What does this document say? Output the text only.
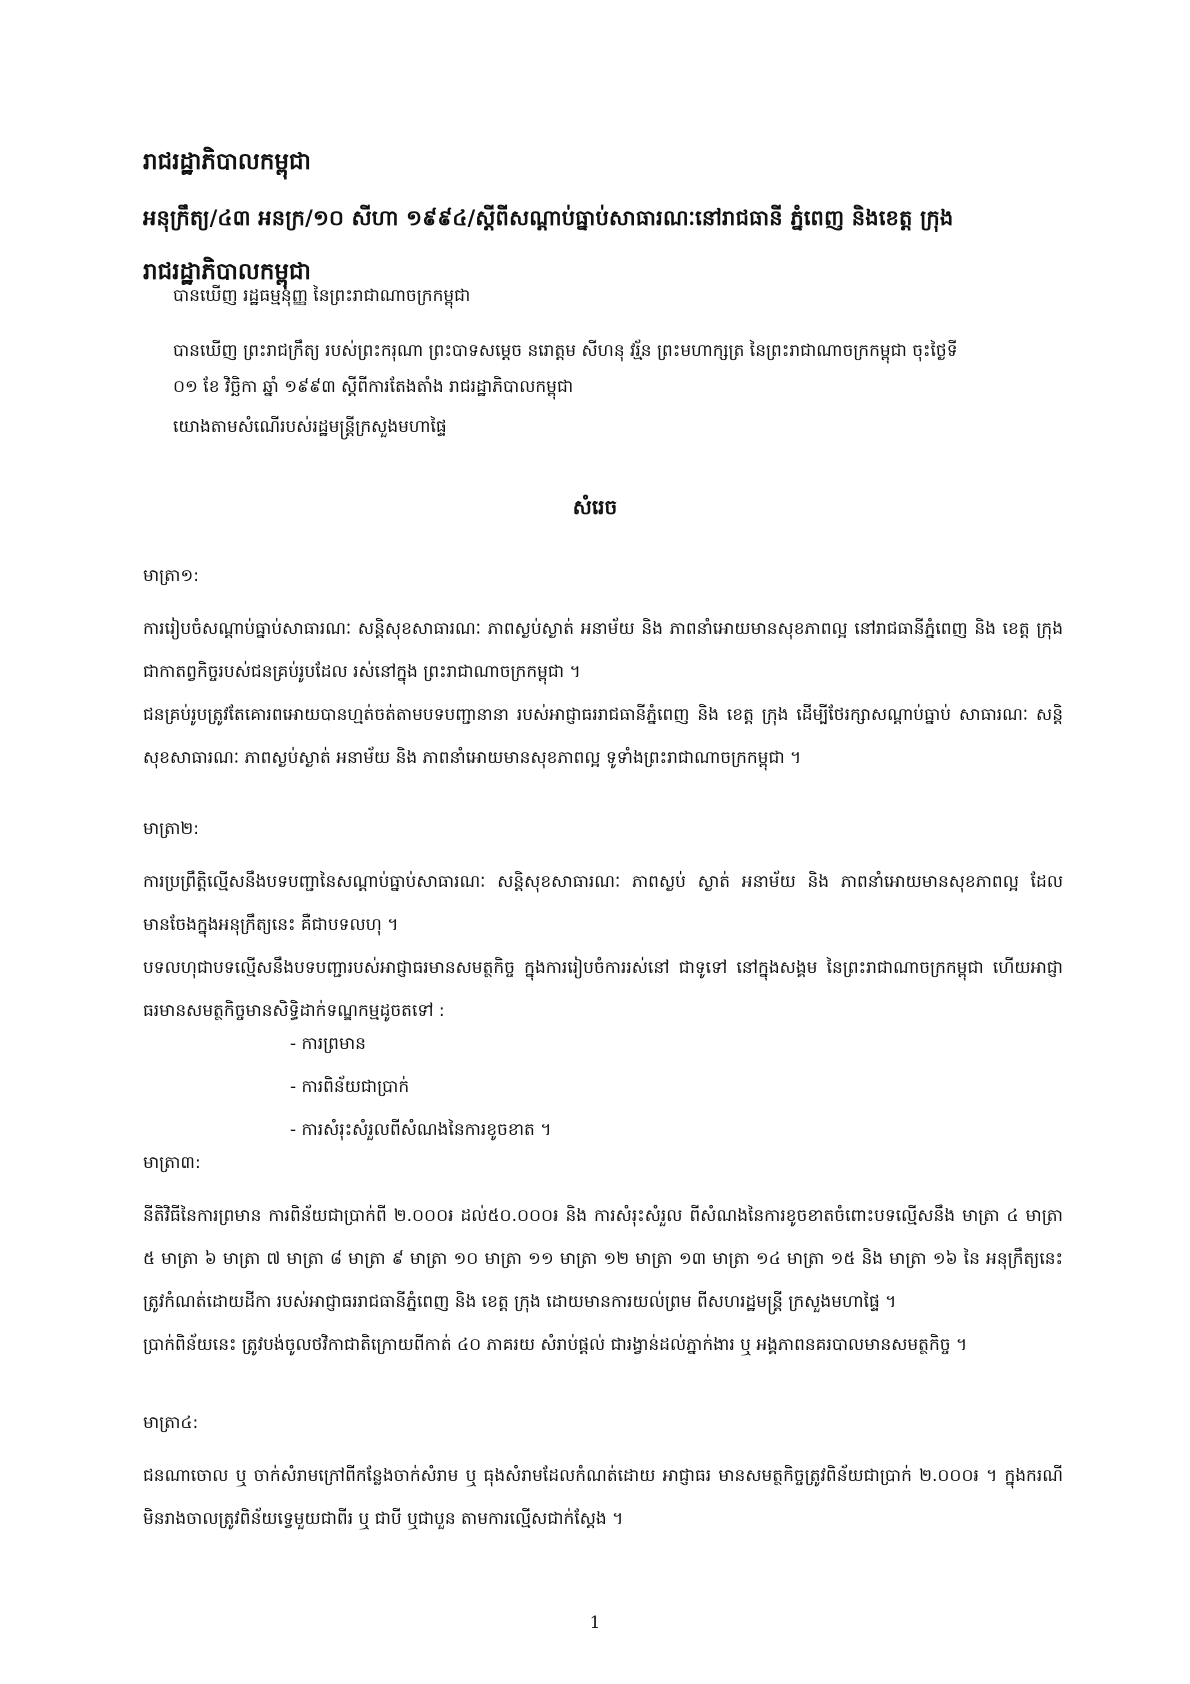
រាជរដ្ឋាភិបាលកម្ពុជា
អនុក្រឹត្យ/៤៣ អនក្រ/១០ សីហា ១៩៩៤/ស្តីពីសណ្តាប់ធ្នាប់សាធារណៈនៅរាជធានី ភ្នំពេញ និងខេត្ត ក្រុង
រាជរដ្ឋាភិបាលកម្ពុជា

បានឃើញ រដ្ឋធម្មនុញ្ញ នៃព្រះរាជាណាចក្រកម្ពុជា

បានឃើញ ព្រះរាជក្រឹត្យ របស់ព្រះករុណា ព្រះបាទសម្តេច នរោត្តម សីហនុ វរ្ម័ន ព្រះមហាក្សត្រ នៃព្រះរាជាណាចក្រកម្ពុជា ចុះថ្ងៃទី

០១ ខែ វិច្ឆិកា ឆ្នាំ ១៩៩៣ ស្តីពីការតែងតាំង រាជរដ្ឋាភិបាលកម្ពុជា

យោងតាមសំណើរបស់រដ្ឋមន្ត្រីក្រសួងមហាផ្ទៃ

សំរេច
មាត្រា១:

ការរៀបចំសណ្តាប់ធ្នាប់សាធារណៈ សន្តិសុខសាធារណៈ ភាពស្ងប់ស្ងាត់ អនាម័យ និង ភាពនាំអោយមានសុខភាពល្អ នៅរាជធានីភ្នំពេញ និង ខេត្ត ក្រុងជាកាតព្វកិច្ចរបស់ជនគ្រប់រូបដែល រស់នៅក្នុង ព្រះរាជាណាចក្រកម្ពុជា ។

ជនគ្រប់រូបត្រូវតែគោរពអោយបានហ្មត់ចត់តាមបទបញ្ជានានា របស់អាជ្ញាធររាជធានីភ្នំពេញ និង ខេត្ត ក្រុង ដើម្បីថែរក្សាសណ្តាប់ធ្នាប់ សាធារណៈ សន្តិសុខសាធារណៈ ភាពស្ងប់ស្ងាត់ អនាម័យ និង ភាពនាំអោយមានសុខភាពល្អ ទូទាំងព្រះរាជាណាចក្រកម្ពុជា ។

មាត្រា២:

ការប្រព្រឹត្តិល្មើសនឹងបទបញ្ជានៃសណ្តាប់ធ្នាប់សាធារណៈ សន្តិសុខសាធារណៈ ភាពស្ងប់ ស្ងាត់ អនាម័យ និង ភាពនាំអោយមានសុខភាពល្អ ដែលមានចែងក្នុងអនុក្រឹត្យនេះ គឺជាបទលហុ ។

បទលហុជាបទល្មើសនឹងបទបញ្ជារបស់អាជ្ញាធរមានសមត្ថកិច្ច ក្នុងការរៀបចំការរស់នៅ ជាទូទៅ នៅក្នុងសង្គម នៃព្រះរាជាណាចក្រកម្ពុជា ហើយអាជ្ញាធរមានសមត្ថកិច្ចមានសិទ្ធិដាក់ទណ្ឌកម្មដូចតទៅ :

- ការព្រមាន
- ការពិន័យជាប្រាក់
- ការសំរុះសំរួលពីសំណងនៃការខូចខាត ។
មាត្រា៣:

នីតិវិធីនៃការព្រមាន ការពិន័យជាប្រាក់ពី ២.០០០៛ ដល់៥០.០០០៛ និង ការសំរុះសំរួល ពីសំណងនៃការខូចខាតចំពោះបទល្មើសនឹង មាត្រា ៤ មាត្រា ៥ មាត្រា ៦ មាត្រា ៧ មាត្រា ៨ មាត្រា ៩ មាត្រា ១០ មាត្រា ១១ មាត្រា ១២ មាត្រា ១៣ មាត្រា ១៤ មាត្រា ១៥ និង មាត្រា ១៦ នៃ អនុក្រឹត្យនេះ ត្រូវកំណត់ដោយដីកា របស់អាជ្ញាធររាជធានីភ្នំពេញ និង ខេត្ត ក្រុង ដោយមានការយល់ព្រម ពីសហរដ្ឋមន្ត្រី ក្រសួងមហាផ្ទៃ ។

ប្រាក់ពិន័យនេះ ត្រូវបង់ចូលថវិកាជាតិក្រោយពីកាត់ ៤០ ភាគរយ សំរាប់ផ្តល់ ជារង្វាន់ដល់ភ្នាក់ងារ ឬ អង្គភាពនគរបាលមានសមត្ថកិច្ច ។

មាត្រា៤:

ជនណាចោល ឬ ចាក់សំរាមក្រៅពីកន្លែងចាក់សំរាម ឬ ធុងសំរាមដែលកំណត់ដោយ អាជ្ញាធរ មានសមត្ថកិច្ចត្រូវពិន័យជាប្រាក់ ២.០០០៛ ។ ក្នុងករណីមិនរាងចាលត្រូវពិន័យទ្វេមួយជាពីរ ឬ ជាបី ឬជាបួន តាមការល្មើសជាក់ស្តែង ។

1
